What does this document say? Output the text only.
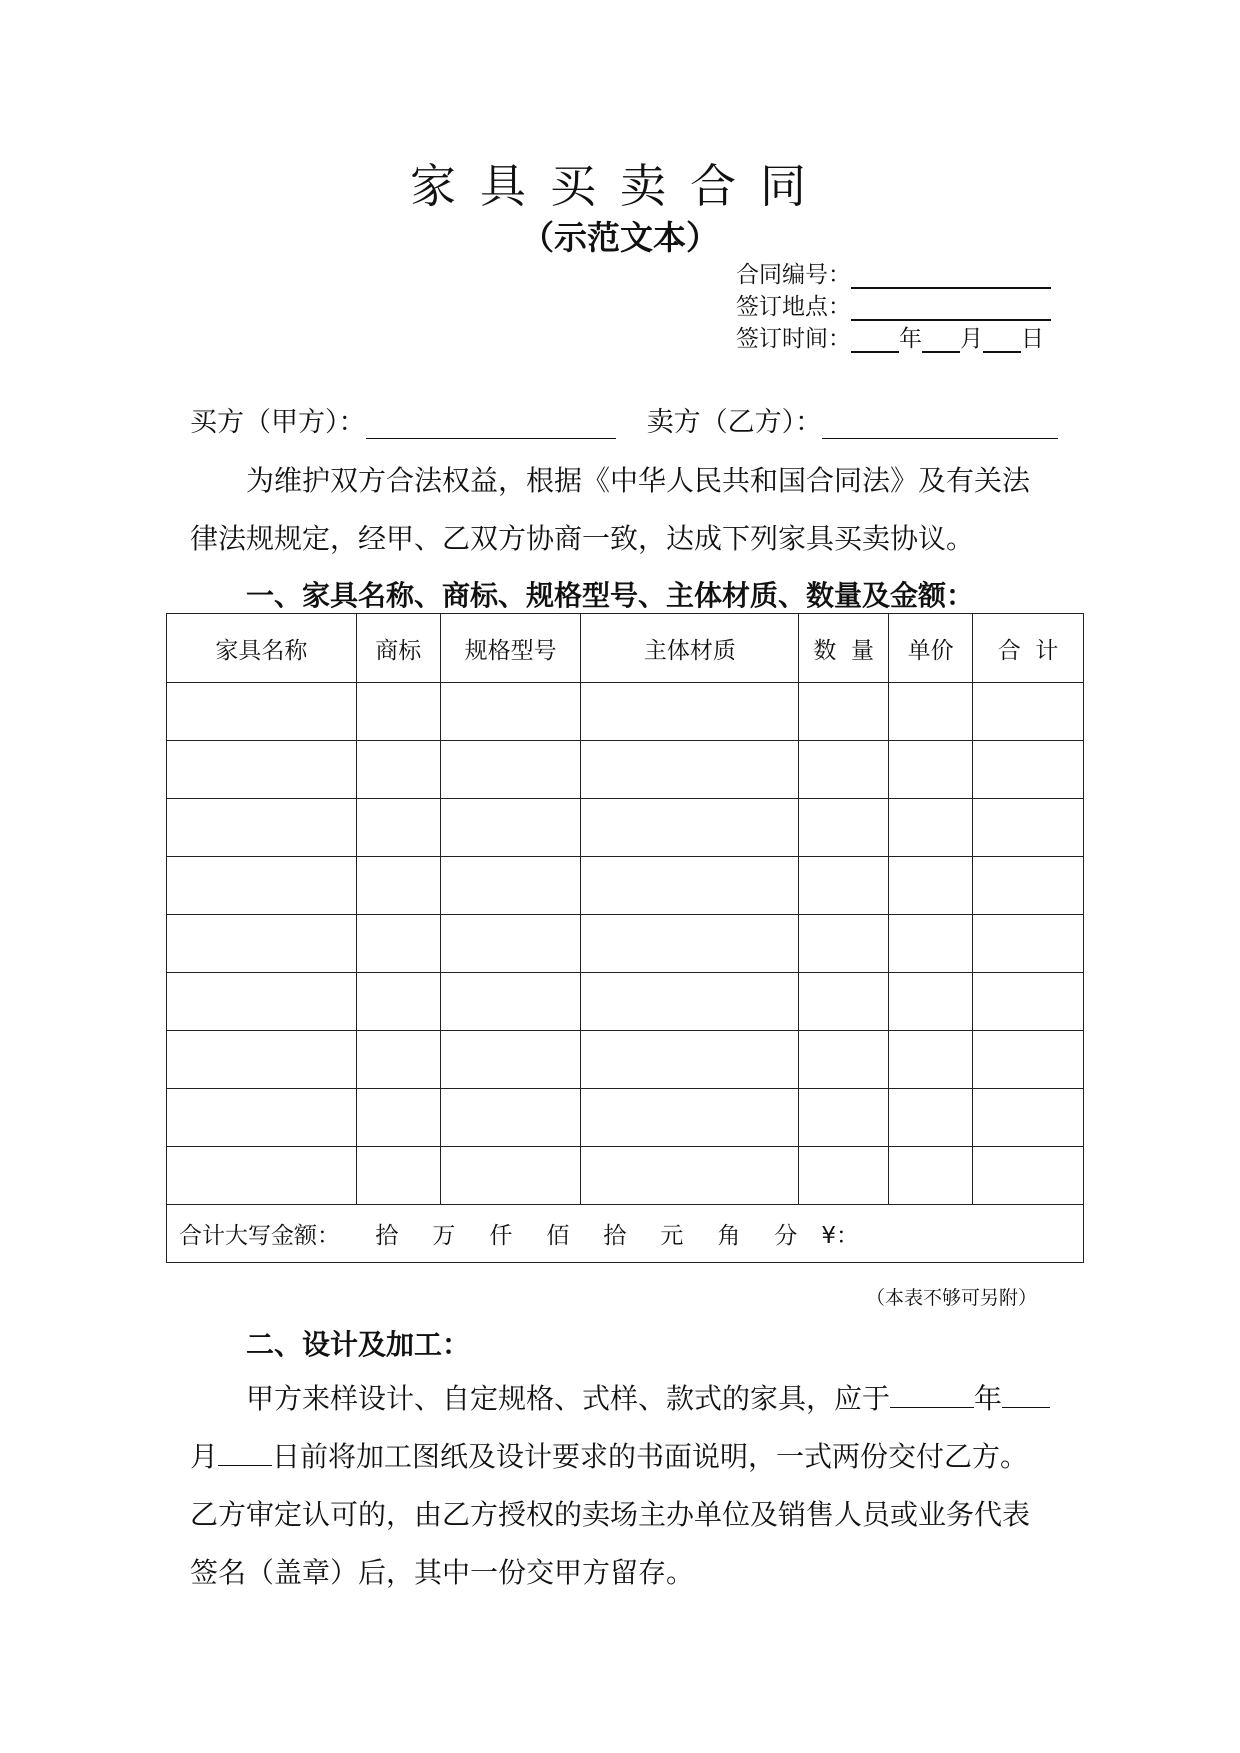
家具买卖合同
（示范文本）
合同编号：
签订地点：
签订时间： 年 月 日
买方（甲方）：	卖方（乙方）：
为维护双方合法权益，根据《中华人民共和国合同法》及有关法
律法规规定，经甲、乙双方协商一致，达成下列家具买卖协议。
一、家具名称、商标、规格型号、主体材质、数量及金额：
家具名称	商标	规格型号	主体材质	数  量	单价	合  计

合计大写金额： 拾 万 仟 佰 拾 元 角 分 ¥：						
（本表不够可另附）
二、设计及加工：
甲方来样设计、自定规格、式样、款式的家具，应于	年
月 日前将加工图纸及设计要求的书面说明，一式两份交付乙方。
乙方审定认可的，由乙方授权的卖场主办单位及销售人员或业务代表
签名（盖章）后，其中一份交甲方留存。
